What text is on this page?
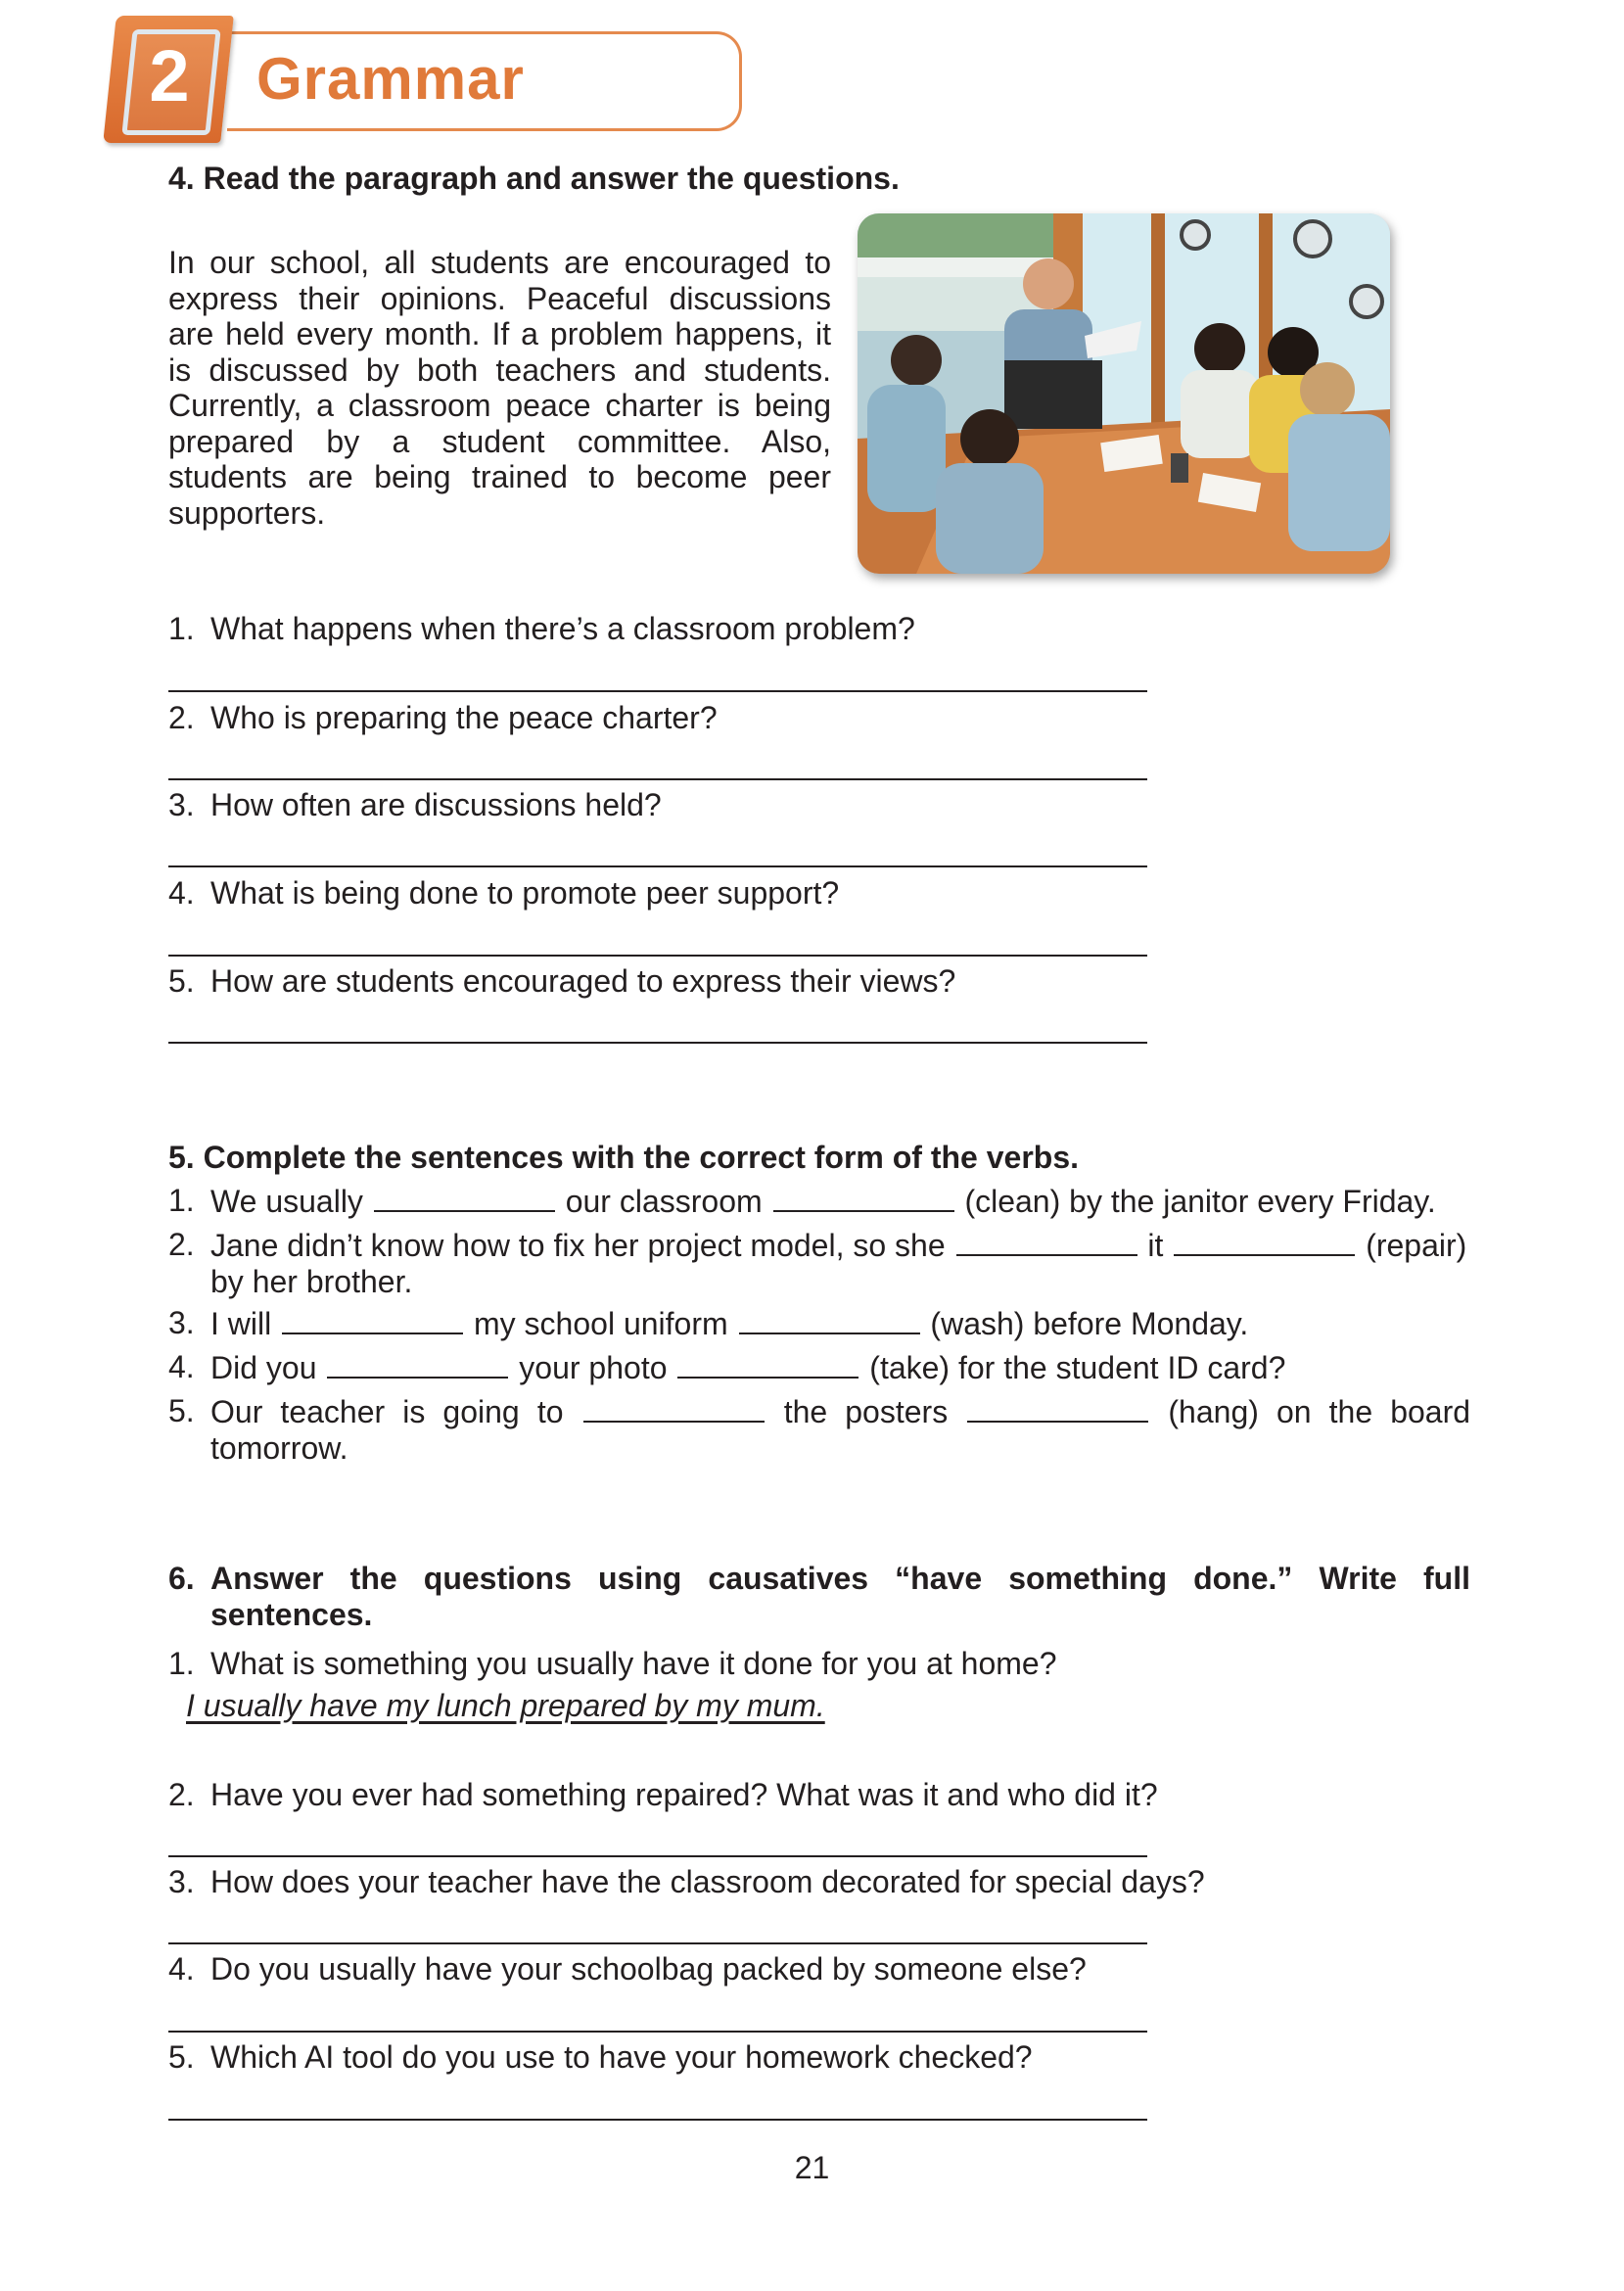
2 Grammar
4. Read the paragraph and answer the questions.
In our school, all students are encouraged to express their opinions. Peaceful discussions are held every month. If a problem happens, it is discussed by both teachers and students. Currently, a classroom peace charter is being prepared by a student committee. Also, students are being trained to become peer supporters.
1. What happens when there’s a classroom problem?
2. Who is preparing the peace charter?
3. How often are discussions held?
4. What is being done to promote peer support?
5. How are students encouraged to express their views?
5. Complete the sentences with the correct form of the verbs.
1. We usually	our classroom	(clean) by the janitor every Friday.
2. Jane didn’t know how to fix her project model, so she	it	(repair)
by her brother.
3. I will	my school uniform	(wash) before Monday.
4. Did you	your photo	(take) for the student ID card?
5. Our teacher is going to	the posters	(hang) on the board
tomorrow.
6. Answer the questions using causatives “have something done.” Write full
sentences.
1. What is something you usually have it done for you at home?
I usually have my lunch prepared by my mum.
2. Have you ever had something repaired? What was it and who did it?
3. How does your teacher have the classroom decorated for special days?
4. Do you usually have your schoolbag packed by someone else?
5. Which AI tool do you use to have your homework checked?
21
